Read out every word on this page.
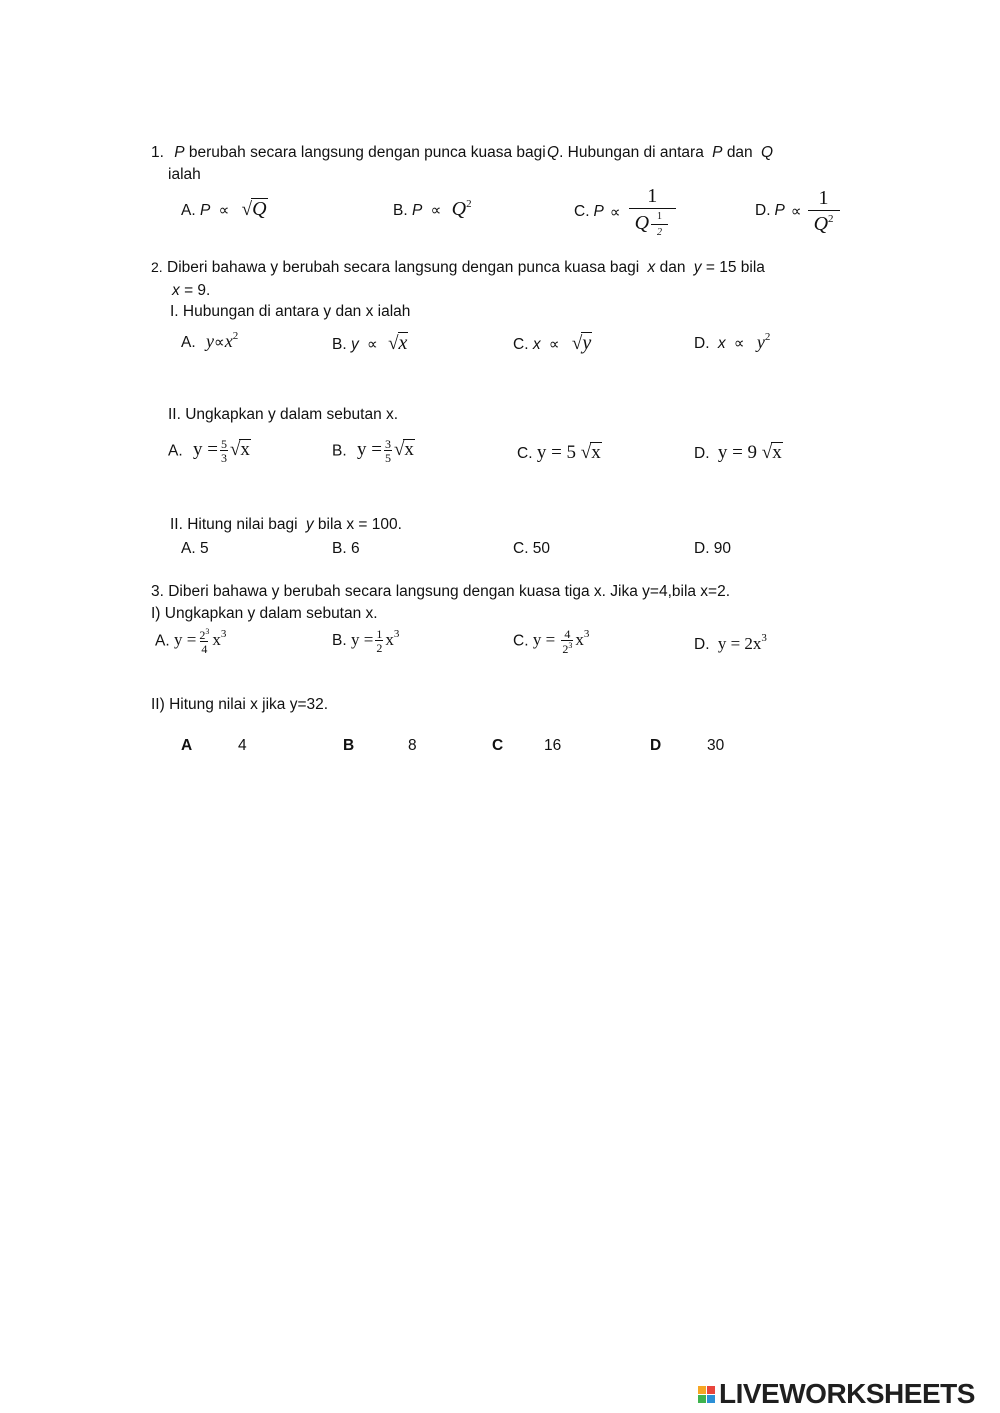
1. P berubah secara langsung dengan punca kuasa bagi Q. Hubungan di antara P dan Q
ialah
A. P ∝ √Q	B. $P \propto Q^2$	C. $P \propto \frac{1}{Q \frac{1}{2}}$	D. $P \propto \frac{1}{Q^2}$
2. Diberi bahawa y berubah secara langsung dengan punca kuasa bagi x dan y = 15 bila
x = 9.
I. Hubungan di antara y dan x ialah
A. $y\propto x^2$	B. y ∝ √x	C. x ∝ √y	D. $x \propto y^2$
II. Ungkapkan y dalam sebutan x.
A. $y = \frac{5}{3} √x$	B. $y = \frac{3}{5} √x$	C. y = 5 √x	D. y = 9 √x
II. Hitung nilai bagi y bila x = 100.
A. 5	B. 6	C. 50	D. 90
3. Diberi bahawa y berubah secara langsung dengan kuasa tiga x. Jika y=4,bila x=2.
I) Ungkapkan y dalam sebutan x.
A. $y = \frac{2^3}{4} x^3$	B. $y = \frac{1}{2} x^3$	C. $y = \frac{4}{2^3} x^3$
D. $y = 2x^3$
II) Hitung nilai x jika y=32.
A	4	B	8	C	16	D	30
LIVEWORKSHEETS
